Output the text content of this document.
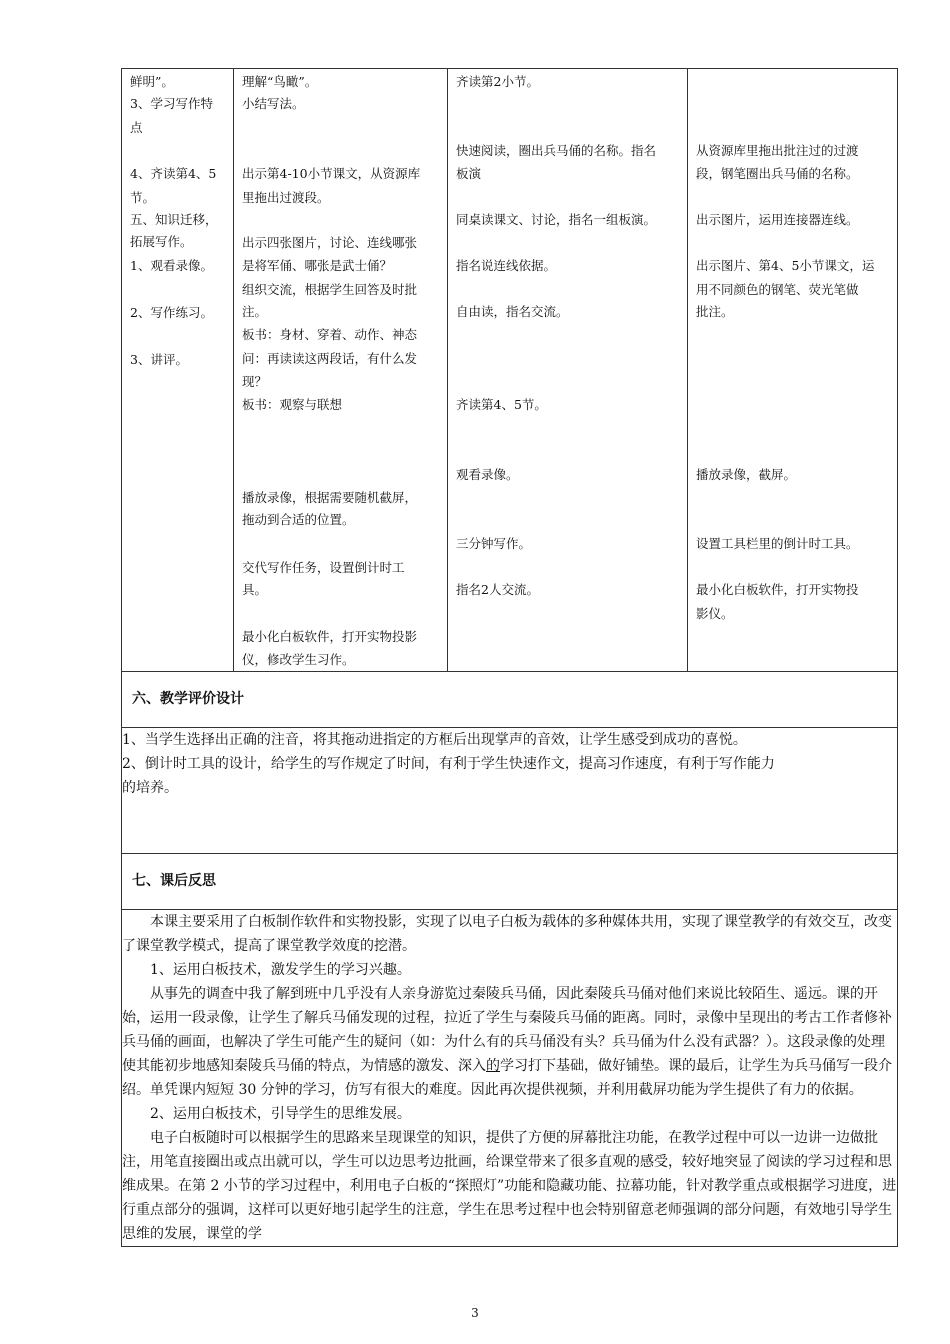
鲜明”。
3、学习写作特
点
4、齐读第4、5
节。
五、知识迁移，
拓展写作。
1、观看录像。
2、写作练习。
3、讲评。

理解“鸟瞰”。
小结写法。
出示第4-10小节课文，从资源库
里拖出过渡段。
出示四张图片，讨论、连线哪张
是将军俑、哪张是武士俑？
组织交流，根据学生回答及时批
注。
板书：身材、穿着、动作、神态
问：再读读这两段话，有什么发
现？
板书：观察与联想
播放录像，根据需要随机截屏，
拖动到合适的位置。
交代写作任务，设置倒计时工
具。
最小化白板软件，打开实物投影
仪，修改学生习作。

齐读第2小节。
快速阅读，圈出兵马俑的名称。指名
板演
同桌读课文、讨论，指名一组板演。
指名说连线依据。
自由读，指名交流。
齐读第4、5节。
观看录像。
三分钟写作。
指名2人交流。

从资源库里拖出批注过的过渡
段，钢笔圈出兵马俑的名称。
出示图片，运用连接器连线。
出示图片、第4、5小节课文，运
用不同颜色的钢笔、荧光笔做
批注。
播放录像，截屏。
设置工具栏里的倒计时工具。
最小化白板软件，打开实物投
影仪。

六、教学评价设计

1、当学生选择出正确的注音，将其拖动进指定的方框后出现掌声的音效，让学生感受到成功的喜悦。

2、倒计时工具的设计，给学生的写作规定了时间，有利于学生快速作文，提高习作速度，有利于写作能力

的培养。

七、课后反思

本课主要采用了白板制作软件和实物投影，实现了以电子白板为载体的多种媒体共用，实现了课堂教学的有效交互，改变了课堂教学模式，提高了课堂教学效度的挖潜。

1、运用白板技术，激发学生的学习兴趣。

从事先的调查中我了解到班中几乎没有人亲身游览过秦陵兵马俑，因此秦陵兵马俑对他们来说比较陌生、遥远。课的开始，运用一段录像，让学生了解兵马俑发现的过程，拉近了学生与秦陵兵马俑的距离。同时，录像中呈现出的考古工作者修补兵马俑的画面，也解决了学生可能产生的疑问（如：为什么有的兵马俑没有头？兵马俑为什么没有武器？）。这段录像的处理使其能初步地感知秦陵兵马俑的特点，为情感的激发、深入的学习打下基础，做好铺垫。课的最后，让学生为兵马俑写一段介绍。单凭课内短短 30 分钟的学习，仿写有很大的难度。因此再次提供视频，并利用截屏功能为学生提供了有力的依据。

2、运用白板技术，引导学生的思维发展。

电子白板随时可以根据学生的思路来呈现课堂的知识，提供了方便的屏幕批注功能，在教学过程中可以一边讲一边做批注，用笔直接圈出或点出就可以，学生可以边思考边批画，给课堂带来了很多直观的感受，较好地突显了阅读的学习过程和思维成果。在第 2 小节的学习过程中，利用电子白板的“探照灯”功能和隐藏功能、拉幕功能，针对教学重点或根据学习进度，进行重点部分的强调，这样可以更好地引起学生的注意，学生在思考过程中也会特别留意老师强调的部分问题，有效地引导学生思维的发展，课堂的学

3
